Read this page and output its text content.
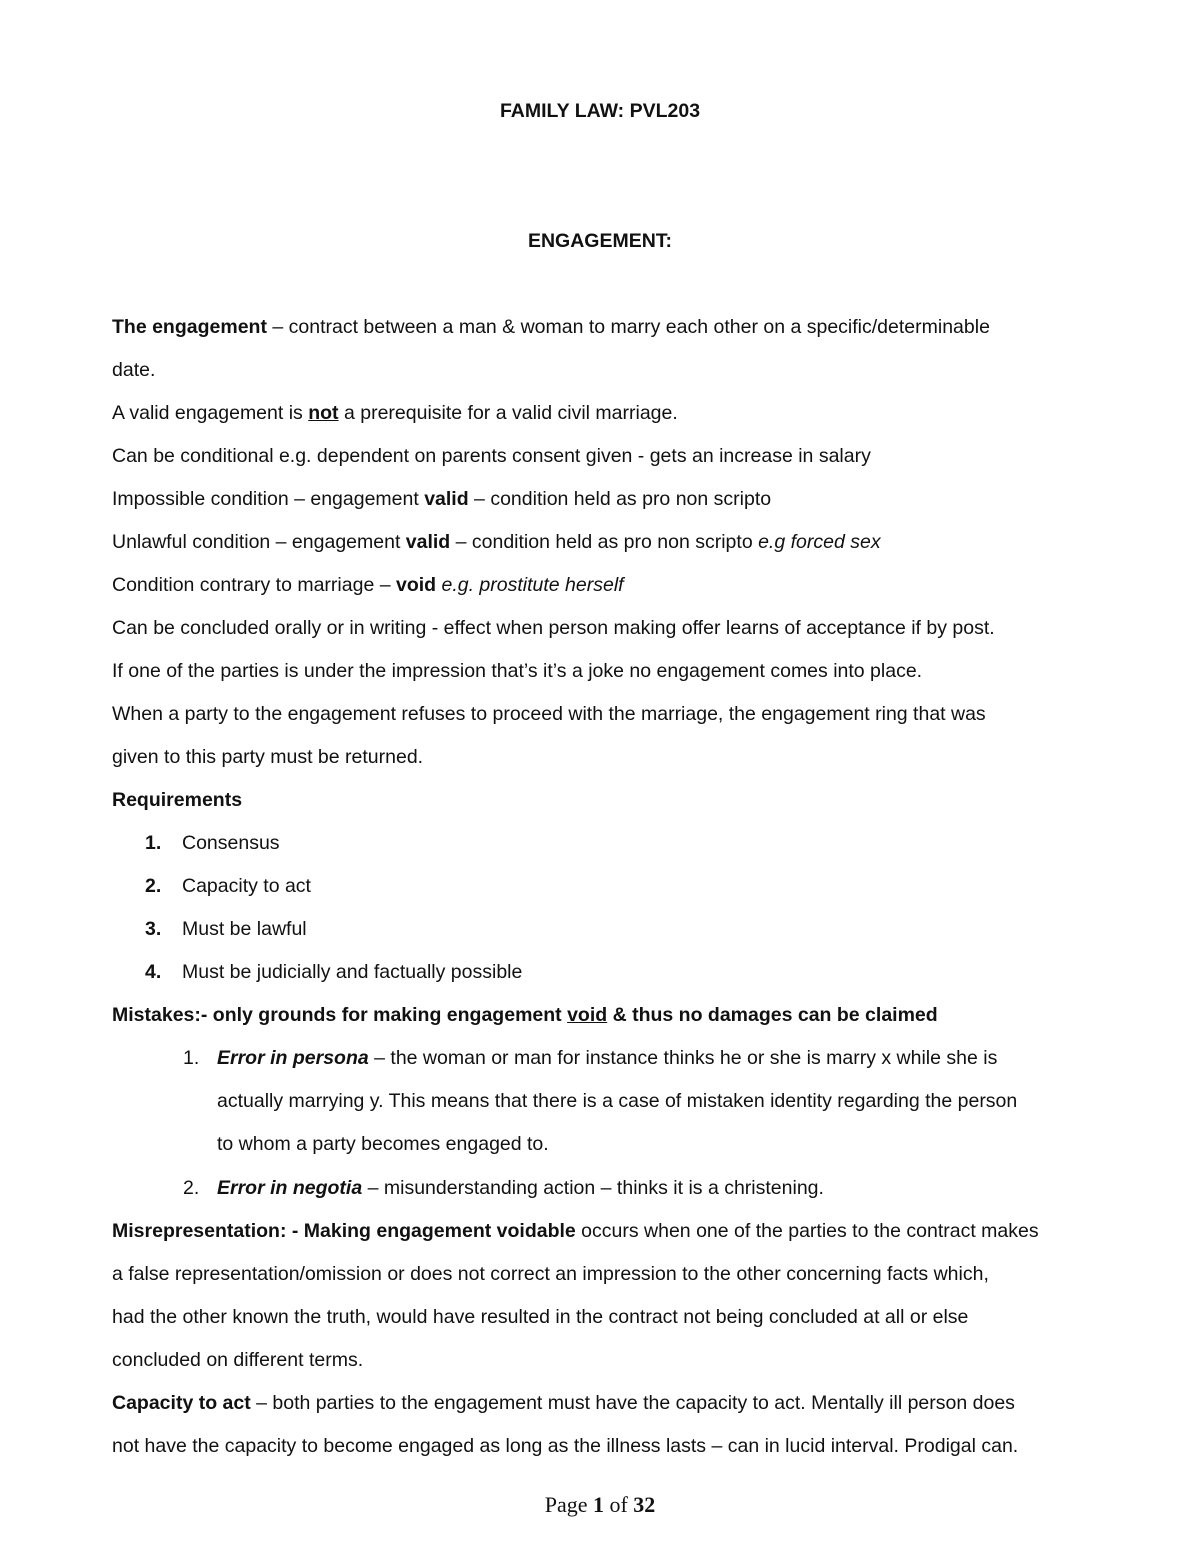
FAMILY LAW: PVL203
ENGAGEMENT:
The engagement – contract between a man & woman to marry each other on a specific/determinable
date.
A valid engagement is not a prerequisite for a valid civil marriage.
Can be conditional e.g. dependent on parents consent given - gets an increase in salary
Impossible condition – engagement valid – condition held as pro non scripto
Unlawful condition – engagement valid – condition held as pro non scripto e.g forced sex
Condition contrary to marriage – void e.g. prostitute herself
Can be concluded orally or in writing - effect when person making offer learns of acceptance if by post.
If one of the parties is under the impression that’s it’s a joke no engagement comes into place.
When a party to the engagement refuses to proceed with the marriage, the engagement ring that was
given to this party must be returned.
Requirements
1. Consensus
2. Capacity to act
3. Must be lawful
4. Must be judicially and factually possible
Mistakes:- only grounds for making engagement void & thus no damages can be claimed
1. Error in persona – the woman or man for instance thinks he or she is marry x while she is
actually marrying y. This means that there is a case of mistaken identity regarding the person
to whom a party becomes engaged to.
2. Error in negotia – misunderstanding action – thinks it is a christening.
Misrepresentation: - Making engagement voidable occurs when one of the parties to the contract makes
a false representation/omission or does not correct an impression to the other concerning facts which,
had the other known the truth, would have resulted in the contract not being concluded at all or else
concluded on different terms.
Capacity to act – both parties to the engagement must have the capacity to act. Mentally ill person does
not have the capacity to become engaged as long as the illness lasts – can in lucid interval. Prodigal can.
Page 1 of 32
